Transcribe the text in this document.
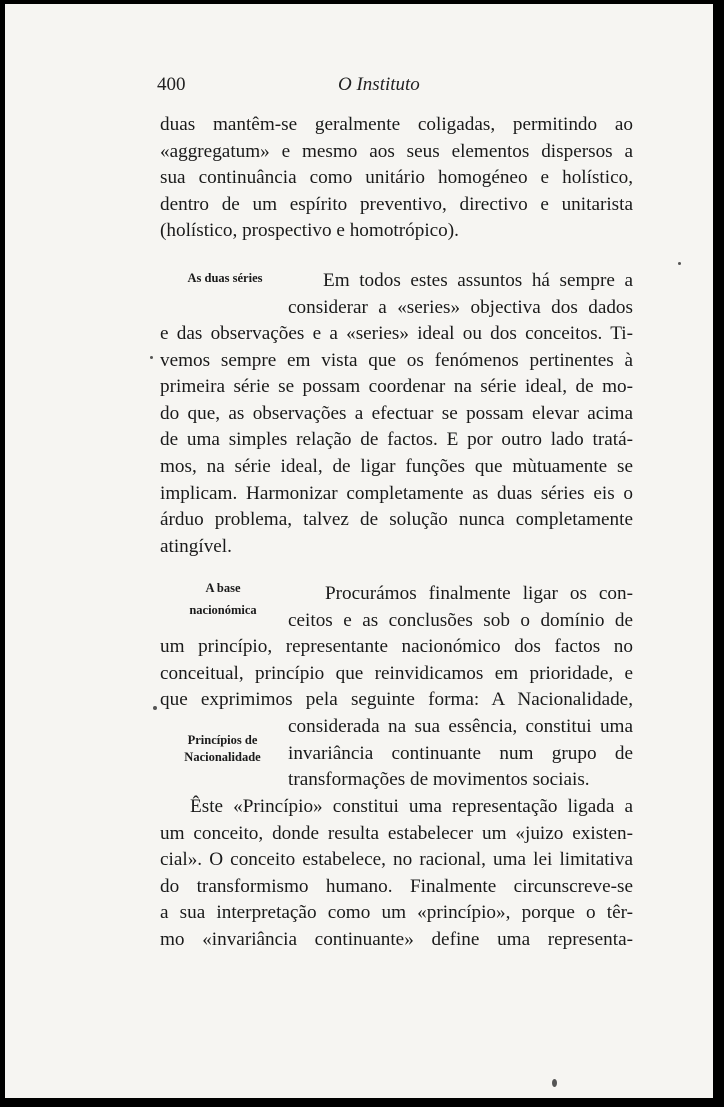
400	O Instituto
duas mantêm-se geralmente coligadas, permitindo ao
«aggregatum» e mesmo aos seus elementos dispersos a
sua continuância como unitário homogéneo e holístico,
dentro de um espírito preventivo, directivo e unitarista
(holístico, prospectivo e homotrópico).
As duas séries	Em todos estes assuntos há sempre a
considerar a «series» objectiva dos dados
e das observações e a «series» ideal ou dos conceitos. Ti-
vemos sempre em vista que os fenómenos pertinentes à
primeira série se possam coordenar na série ideal, de mo-
do que, as observações a efectuar se possam elevar acima
de uma simples relação de factos. E por outro lado tratá-
mos, na série ideal, de ligar funções que mùtuamente se
implicam. Harmonizar completamente as duas séries eis o
árduo problema, talvez de solução nunca completamente
atingível.
A base
nacionómica
Procurámos finalmente ligar os con-
ceitos e as conclusões sob o domínio de
um princípio, representante nacionómico dos factos no
conceitual, princípio que reinvidicamos em prioridade, e
que exprimimos pela seguinte forma: A Nacionalidade,
Princípios de
Nacionalidade
considerada na sua essência, constitui uma
invariância continuante num grupo de
transformações de movimentos sociais.
Êste «Princípio» constitui uma representação ligada a
um conceito, donde resulta estabelecer um «juizo existen-
cial». O conceito estabelece, no racional, uma lei limitativa
do transformismo humano. Finalmente circunscreve-se
a sua interpretação como um «princípio», porque o têr-
mo «invariância continuante» define uma representa-
